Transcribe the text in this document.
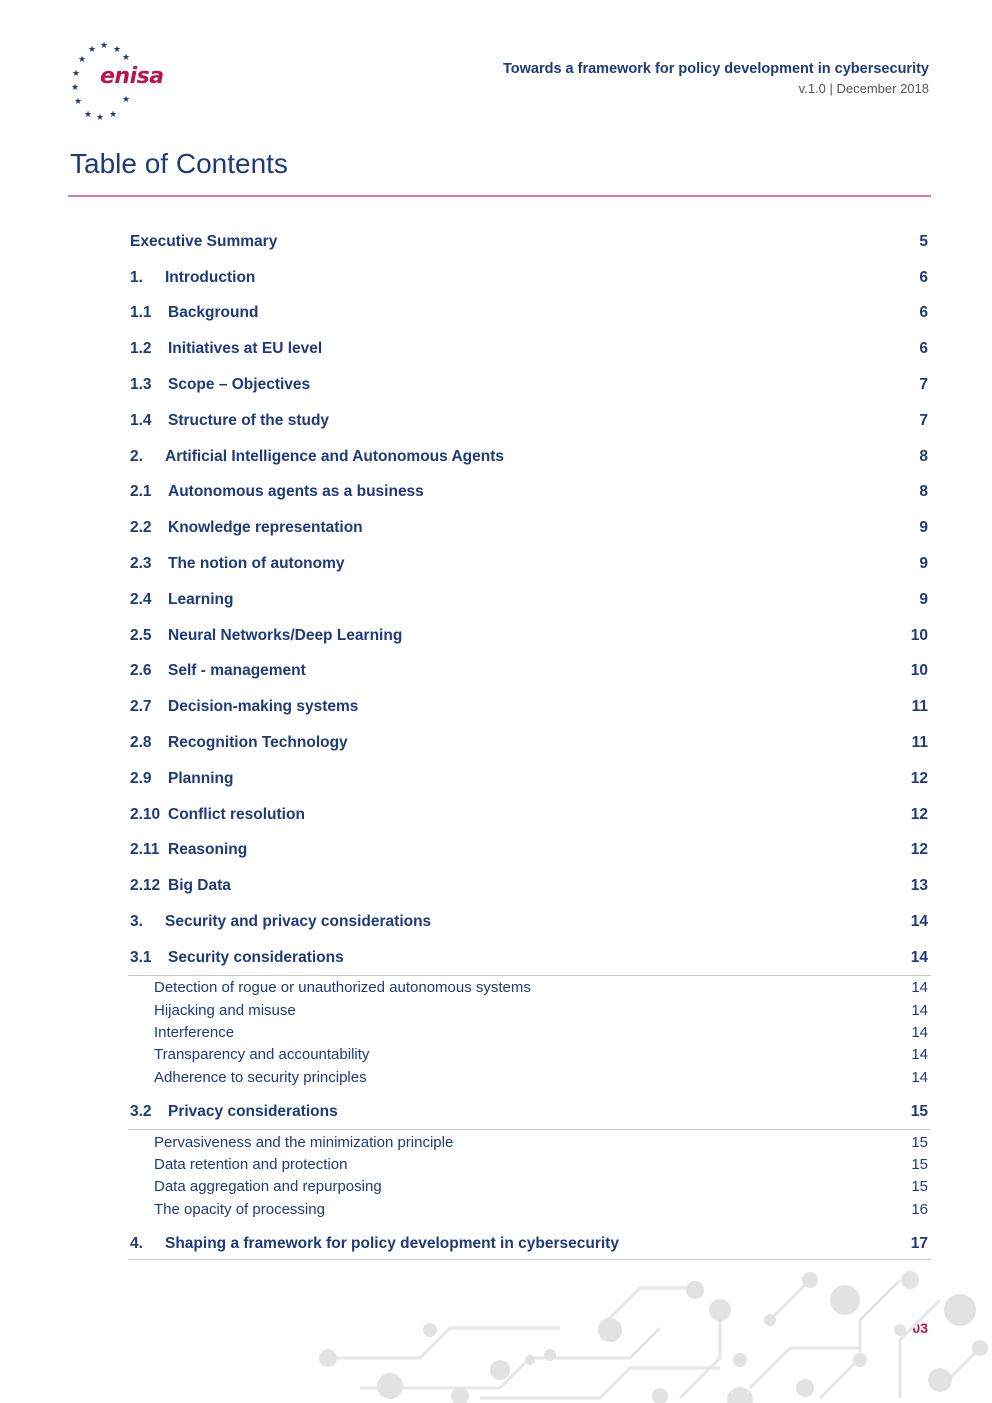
★ ★ ★
★	★
★
★
★	★
★ ★ ★
enisa	Towards a framework for policy development in cybersecurity
v.1.0 | December 2018
Table of Contents
Executive Summary	5
1.	Introduction	6
1.1	Background	6
1.2	Initiatives at EU level	6
1.3	Scope – Objectives	7
1.4	Structure of the study	7
2.	Artificial Intelligence and Autonomous Agents	8
2.1	Autonomous agents as a business	8
2.2	Knowledge representation	9
2.3	The notion of autonomy	9
2.4	Learning	9
2.5	Neural Networks/Deep Learning	10
2.6	Self - management	10
2.7	Decision-making systems	11
2.8	Recognition Technology	11
2.9	Planning	12
2.10 Conflict resolution	12
2.11 Reasoning	12
2.12 Big Data	13
3.	Security and privacy considerations	14
3.1	Security considerations	14
Detection of rogue or unauthorized autonomous systems	14
Hijacking and misuse	14
Interference	14
Transparency and accountability	14
Adherence to security principles	14
3.2	Privacy considerations	15
Pervasiveness and the minimization principle	15
Data retention and protection	15
Data aggregation and repurposing	15
The opacity of processing	16
4.	Shaping a framework for policy development in cybersecurity	17
03
